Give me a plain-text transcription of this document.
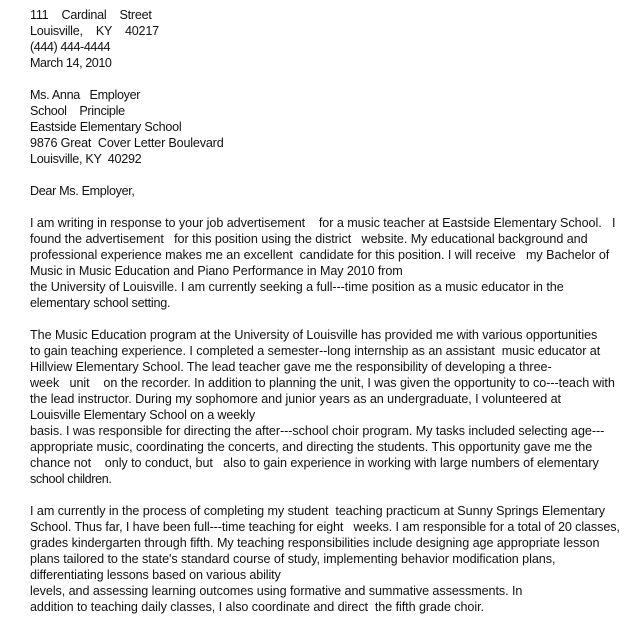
111    Cardinal    Street
Louisville,    KY    40217
(444) 444-4444
March 14, 2010
Ms. Anna   Employer
School    Principle
Eastside Elementary School
9876 Great  Cover Letter Boulevard
Louisville, KY  40292
Dear Ms. Employer,
I am writing in response to your job advertisement    for a music teacher at Eastside Elementary School.   I
found the advertisement   for this position using the district   website. My educational background and
professional experience makes me an excellent  candidate for this position. I will receive   my Bachelor of
Music in Music Education and Piano Performance in May 2010 from
the University of Louisville. I am currently seeking a full---time position as a music educator in the
elementary school setting.
The Music Education program at the University of Louisville has provided me with various opportunities
to gain teaching experience. I completed a semester--long internship as an assistant  music educator at
Hillview Elementary School. The lead teacher gave me the responsibility of developing a three-
week   unit    on the recorder. In addition to planning the unit, I was given the opportunity to co---teach with
the lead instructor. During my sophomore and junior years as an undergraduate, I volunteered at
Louisville Elementary School on a weekly
basis. I was responsible for directing the after---school choir program. My tasks included selecting age---
appropriate music, coordinating the concerts, and directing the students. This opportunity gave me the
chance not    only to conduct, but   also to gain experience in working with large numbers of elementary
school children.
I am currently in the process of completing my student  teaching practicum at Sunny Springs Elementary
School. Thus far, I have been full---time teaching for eight   weeks. I am responsible for a total of 20 classes,
grades kindergarten through fifth. My teaching responsibilities include designing age appropriate lesson
plans tailored to the state's standard course of study, implementing behavior modification plans,
differentiating lessons based on various ability
levels, and assessing learning outcomes using formative and summative assessments. In
addition to teaching daily classes, I also coordinate and direct  the fifth grade choir.
